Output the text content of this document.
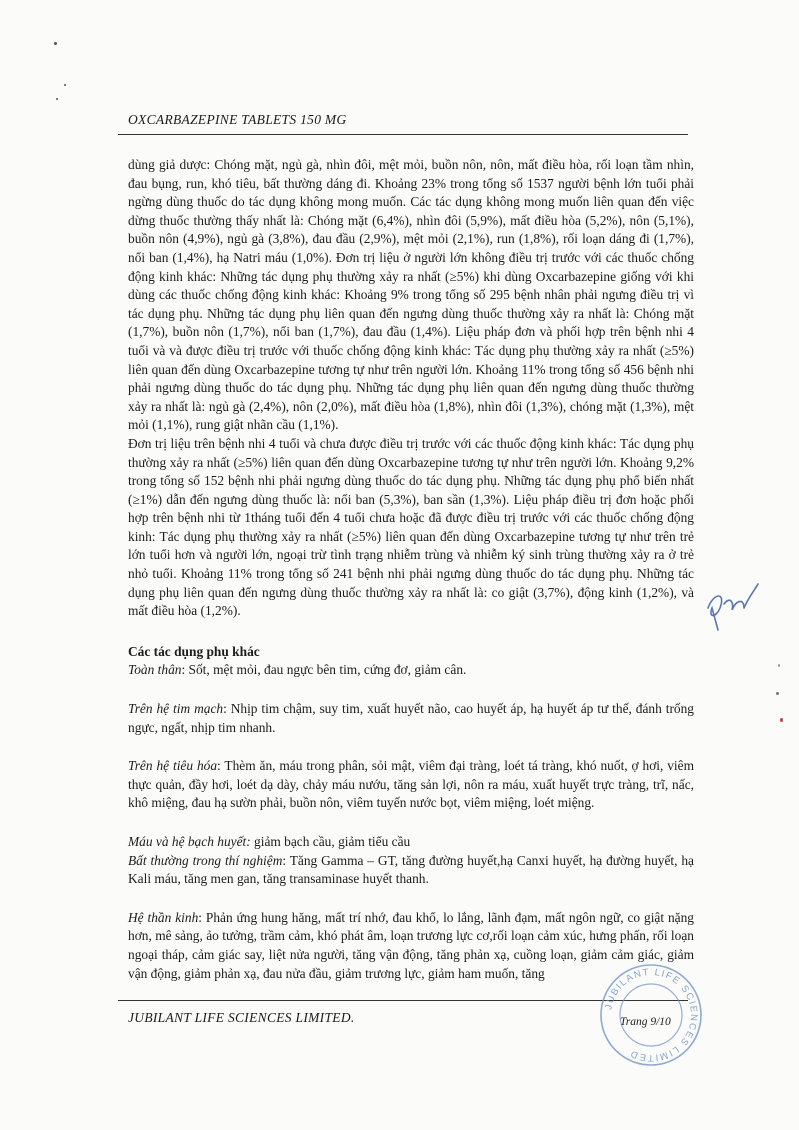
OXCARBAZEPINE TABLETS 150 MG

dùng giả dược: Chóng mặt, ngủ gà, nhìn đôi, mệt mỏi, buồn nôn, nôn, mất điều hòa, rối loạn tầm nhìn, đau bụng, run, khó tiêu, bất thường dáng đi. Khoảng 23% trong tổng số 1537 người bệnh lớn tuổi phải ngừng dùng thuốc do tác dụng không mong muốn. Các tác dụng không mong muốn liên quan đến việc dừng thuốc thường thấy nhất là: Chóng mặt (6,4%), nhìn đôi (5,9%), mất điều hòa (5,2%), nôn (5,1%), buồn nôn (4,9%), ngủ gà (3,8%), đau đầu (2,9%), mệt mỏi (2,1%), run (1,8%), rối loạn dáng đi (1,7%), nổi ban (1,4%), hạ Natri máu (1,0%). Đơn trị liệu ở người lớn không điều trị trước với các thuốc chống động kinh khác: Những tác dụng phụ thường xảy ra nhất (≥5%) khi dùng Oxcarbazepine giống với khi dùng các thuốc chống động kinh khác: Khoảng 9% trong tổng số 295 bệnh nhân phải ngưng điều trị vì tác dụng phụ. Những tác dụng phụ liên quan đến ngưng dùng thuốc thường xảy ra nhất là: Chóng mặt (1,7%), buồn nôn (1,7%), nổi ban (1,7%), đau đầu (1,4%). Liệu pháp đơn và phối hợp trên bệnh nhi 4 tuổi và và được điều trị trước với thuốc chống động kinh khác: Tác dụng phụ thường xảy ra nhất (≥5%) liên quan đến dùng Oxcarbazepine tương tự như trên người lớn. Khoảng 11% trong tổng số 456 bệnh nhi phải ngưng dùng thuốc do tác dụng phụ. Những tác dụng phụ liên quan đến ngưng dùng thuốc thường xảy ra nhất là: ngủ gà (2,4%), nôn (2,0%), mất điều hòa (1,8%), nhìn đôi (1,3%), chóng mặt (1,3%), mệt mỏi (1,1%), rung giật nhãn cầu (1,1%).

Đơn trị liệu trên bệnh nhi 4 tuổi và chưa được điều trị trước với các thuốc động kinh khác: Tác dụng phụ thường xảy ra nhất (≥5%) liên quan đến dùng Oxcarbazepine tương tự như trên người lớn. Khoảng 9,2% trong tổng số 152 bệnh nhi phải ngưng dùng thuốc do tác dụng phụ. Những tác dụng phụ phổ biến nhất (≥1%) dẫn đến ngưng dùng thuốc là: nổi ban (5,3%), ban sần (1,3%). Liệu pháp điều trị đơn hoặc phối hợp trên bệnh nhi từ 1tháng tuổi đến 4 tuổi chưa hoặc đã được điều trị trước với các thuốc chống động kinh: Tác dụng phụ thường xảy ra nhất (≥5%) liên quan đến dùng Oxcarbazepine tương tự như trên trẻ lớn tuổi hơn và người lớn, ngoại trừ tình trạng nhiễm trùng và nhiễm ký sinh trùng thường xảy ra ở trẻ nhỏ tuổi. Khoảng 11% trong tổng số 241 bệnh nhi phải ngưng dùng thuốc do tác dụng phụ. Những tác dụng phụ liên quan đến ngưng dùng thuốc thường xảy ra nhất là: co giật (3,7%), động kinh (1,2%), và mất điều hòa (1,2%).

Các tác dụng phụ khác

Toàn thân: Sốt, mệt mỏi, đau ngực bên tim, cứng đơ, giảm cân.

Trên hệ tim mạch: Nhịp tim chậm, suy tim, xuất huyết não, cao huyết áp, hạ huyết áp tư thế, đánh trống ngực, ngất, nhịp tim nhanh.

Trên hệ tiêu hóa: Thèm ăn, máu trong phân, sỏi mật, viêm đại tràng, loét tá tràng, khó nuốt, ợ hơi, viêm thực quản, đầy hơi, loét dạ dày, chảy máu nướu, tăng sản lợi, nôn ra máu, xuất huyết trực tràng, trĩ, nấc, khô miệng, đau hạ sườn phải, buồn nôn, viêm tuyến nước bọt, viêm miệng, loét miệng.

Máu và hệ bạch huyết: giảm bạch cầu, giảm tiểu cầu

Bất thường trong thí nghiệm: Tăng Gamma – GT, tăng đường huyết,hạ Canxi huyết, hạ đường huyết, hạ Kali máu, tăng men gan, tăng transaminase huyết thanh.

Hệ thần kinh: Phản ứng hung hăng, mất trí nhớ, đau khổ, lo lắng, lãnh đạm, mất ngôn ngữ, co giật nặng hơn, mê sảng, ảo tưởng, trầm cảm, khó phát âm, loạn trương lực cơ,rối loạn cảm xúc, hưng phấn, rối loạn ngoại tháp, cảm giác say, liệt nửa người, tăng vận động, tăng phản xạ, cuồng loạn, giảm cảm giác, giảm vận động, giảm phản xạ, đau nửa đầu, giảm trương lực, giảm ham muốn, tăng

JUBILANT LIFE SCIENCES LIMITED.
JUBILANT LIFE SCIENCES LIMITED
Trang 9/10
